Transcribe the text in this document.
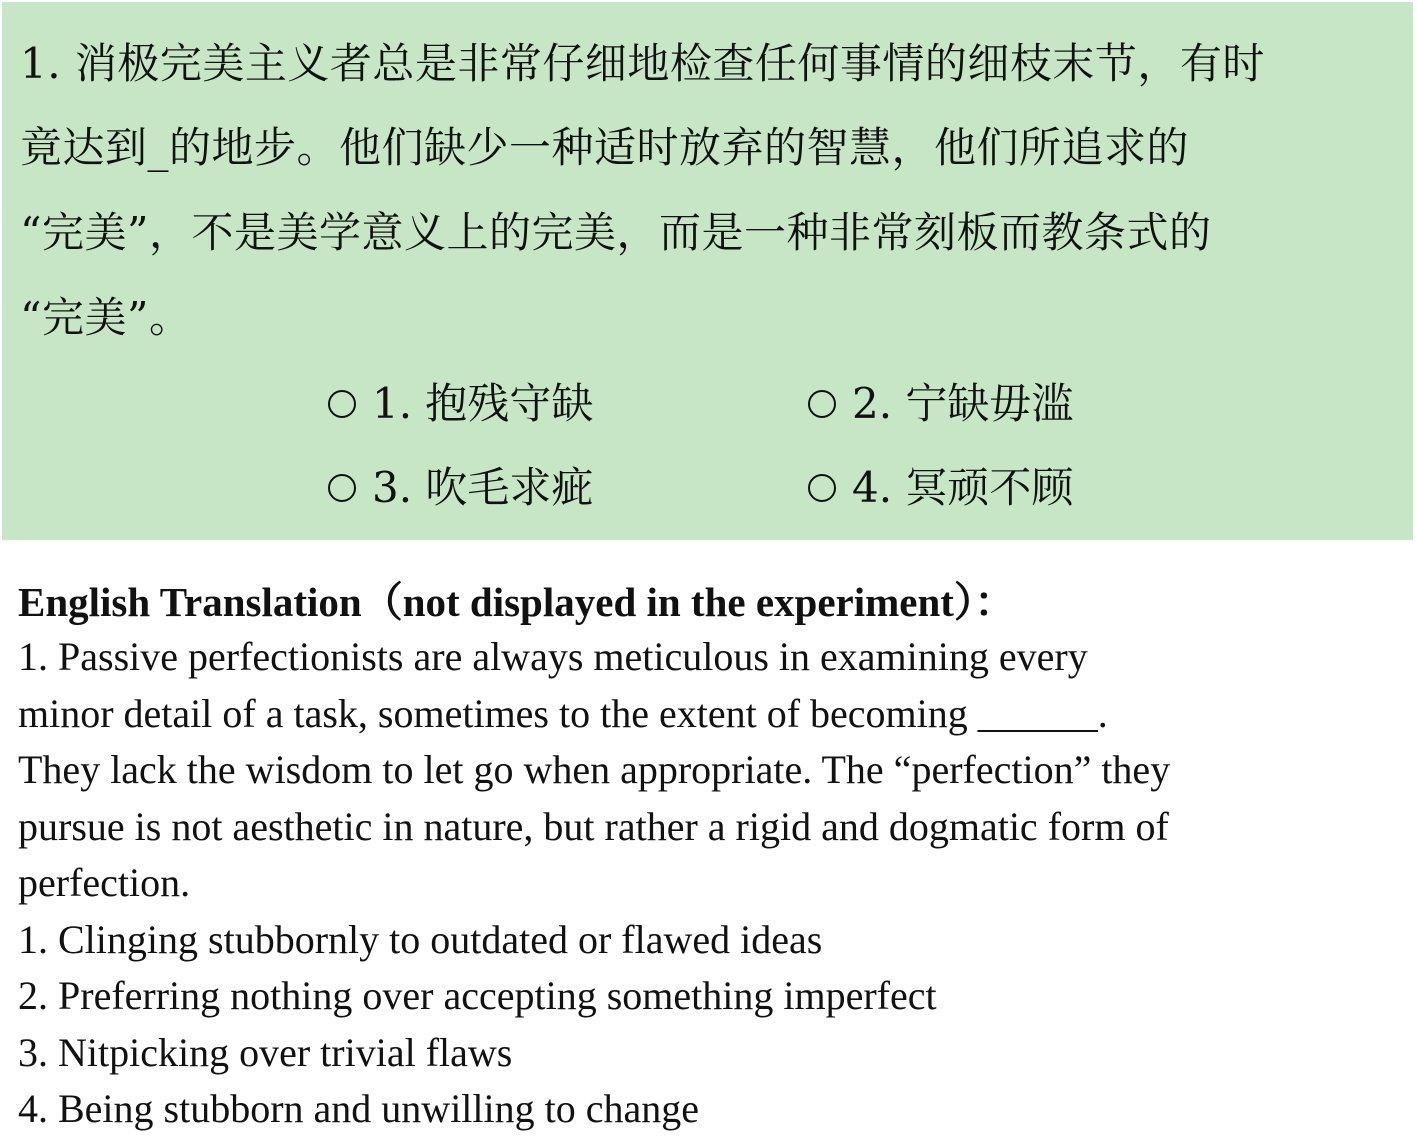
1. 消极完美主义者总是非常仔细地检查任何事情的细枝末节，有时
竟达到_的地步。他们缺少一种适时放弃的智慧，他们所追求的
“完美”，不是美学意义上的完美，而是一种非常刻板而教条式的
“完美”。
1. 抱残守缺	2. 宁缺毋滥
3. 吹毛求疵	4. 冥顽不顾
English Translation（not displayed in the experiment）：
1. Passive perfectionists are always meticulous in examining every
minor detail of a task, sometimes to the extent of becoming ______.
They lack the wisdom to let go when appropriate. The “perfection” they
pursue is not aesthetic in nature, but rather a rigid and dogmatic form of
perfection.
1. Clinging stubbornly to outdated or flawed ideas
2. Preferring nothing over accepting something imperfect
3. Nitpicking over trivial flaws
4. Being stubborn and unwilling to change
